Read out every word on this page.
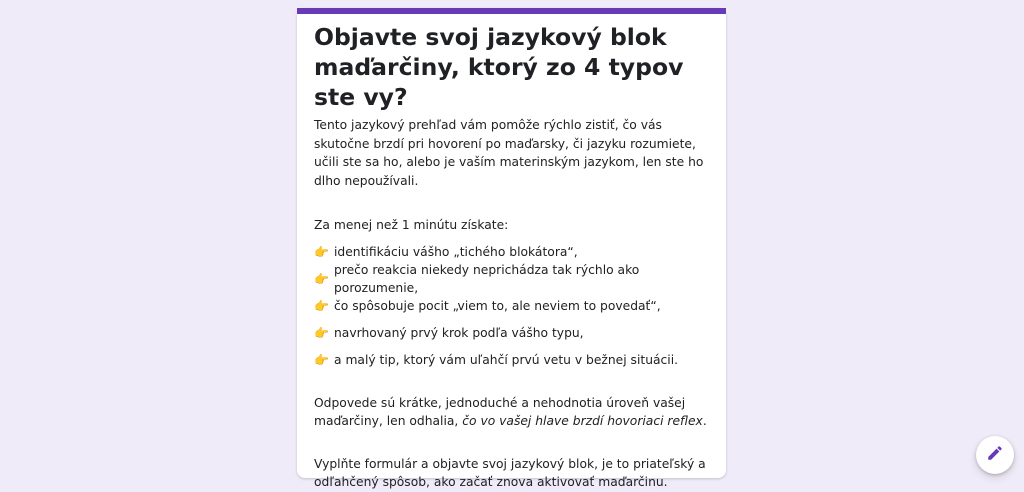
Objavte svoj jazykový blok maďarčiny, ktorý zo 4 typov ste vy?

Tento jazykový prehľad vám pomôže rýchlo zistiť, čo vás skutočne brzdí pri hovorení po maďarsky, či jazyku rozumiete, učili ste sa ho, alebo je vaším materinským jazykom, len ste ho dlho nepoužívali.

Za menej než 1 minútu získate:

👉 identifikáciu vášho „tichého blokátora“,
👉
prečo reakcia niekedy neprichádza tak rýchlo ako porozumenie,
👉 čo spôsobuje pocit „viem to, ale neviem to povedať“,
👉 navrhovaný prvý krok podľa vášho typu,
👉 a malý tip, ktorý vám uľahčí prvú vetu v bežnej situácii.

Odpovede sú krátke, jednoduché a nehodnotia úroveň vašej maďarčiny, len odhalia, čo vo vašej hlave brzdí hovoriaci reflex.

Vyplňte formulár a objavte svoj jazykový blok, je to priateľský a odľahčený spôsob, ako začať znova aktivovať maďarčinu.
